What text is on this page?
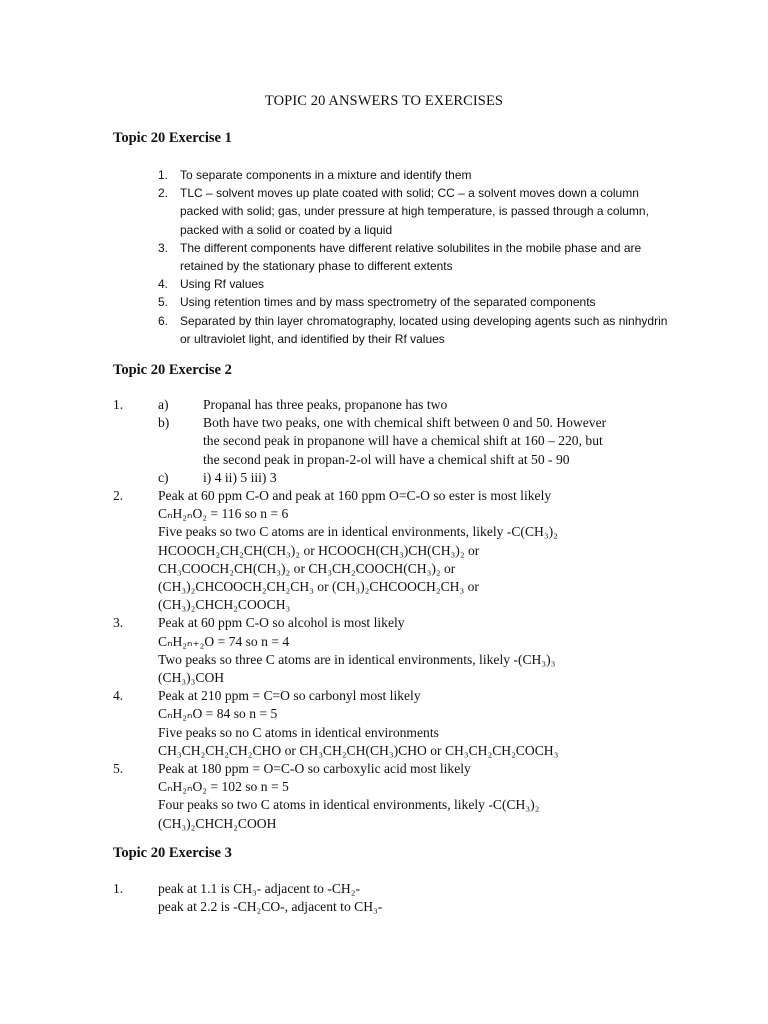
TOPIC 20 ANSWERS TO EXERCISES
Topic 20 Exercise 1
1. To separate components in a mixture and identify them
2. TLC – solvent moves up plate coated with solid; CC – a solvent moves down a column packed with solid; gas, under pressure at high temperature, is passed through a column, packed with a solid or coated by a liquid
3. The different components have different relative solubilites in the mobile phase and are retained by the stationary phase to different extents
4. Using Rf values
5. Using retention times and by mass spectrometry of the separated components
6. Separated by thin layer chromatography, located using developing agents such as ninhydrin or ultraviolet light, and identified by their Rf values
Topic 20 Exercise 2
1.	a)	Propanal has three peaks, propanone has two
b) Both have two peaks, one with chemical shift between 0 and 50. However
the second peak in propanone will have a chemical shift at 160 – 220, but
the second peak in propan-2-ol will have a chemical shift at 50 - 90
c)	i) 4 ii) 5 iii) 3
2.	Peak at 60 ppm C-O and peak at 160 ppm O=C-O so ester is most likely
CₙH₂ₙO₂ = 116 so n = 6
Five peaks so two C atoms are in identical environments, likely -C(CH₃)₂
HCOOCH₂CH₂CH(CH₃)₂ or HCOOCH(CH₃)CH(CH₃)₂ or
CH₃COOCH₂CH(CH₃)₂ or CH₃CH₂COOCH(CH₃)₂ or
(CH₃)₂CHCOOCH₂CH₂CH₃ or (CH₃)₂CHCOOCH₂CH₃ or
(CH₃)₂CHCH₂COOCH₃
3.	Peak at 60 ppm C-O so alcohol is most likely
CₙH₂ₙ₊₂O = 74 so n = 4
Two peaks so three C atoms are in identical environments, likely -(CH₃)₃
(CH₃)₃COH
4.	Peak at 210 ppm = C=O so carbonyl most likely
CₙH₂ₙO = 84 so n = 5
Five peaks so no C atoms in identical environments
CH₃CH₂CH₂CH₂CHO or CH₃CH₂CH(CH₃)CHO or CH₃CH₂CH₂COCH₃
5.	Peak at 180 ppm = O=C-O so carboxylic acid most likely
CₙH₂ₙO₂ = 102 so n = 5
Four peaks so two C atoms in identical environments, likely -C(CH₃)₂
(CH₃)₂CHCH₂COOH
Topic 20 Exercise 3
1.	peak at 1.1 is CH₃- adjacent to -CH₂-
peak at 2.2 is -CH₂CO-, adjacent to CH₃-
